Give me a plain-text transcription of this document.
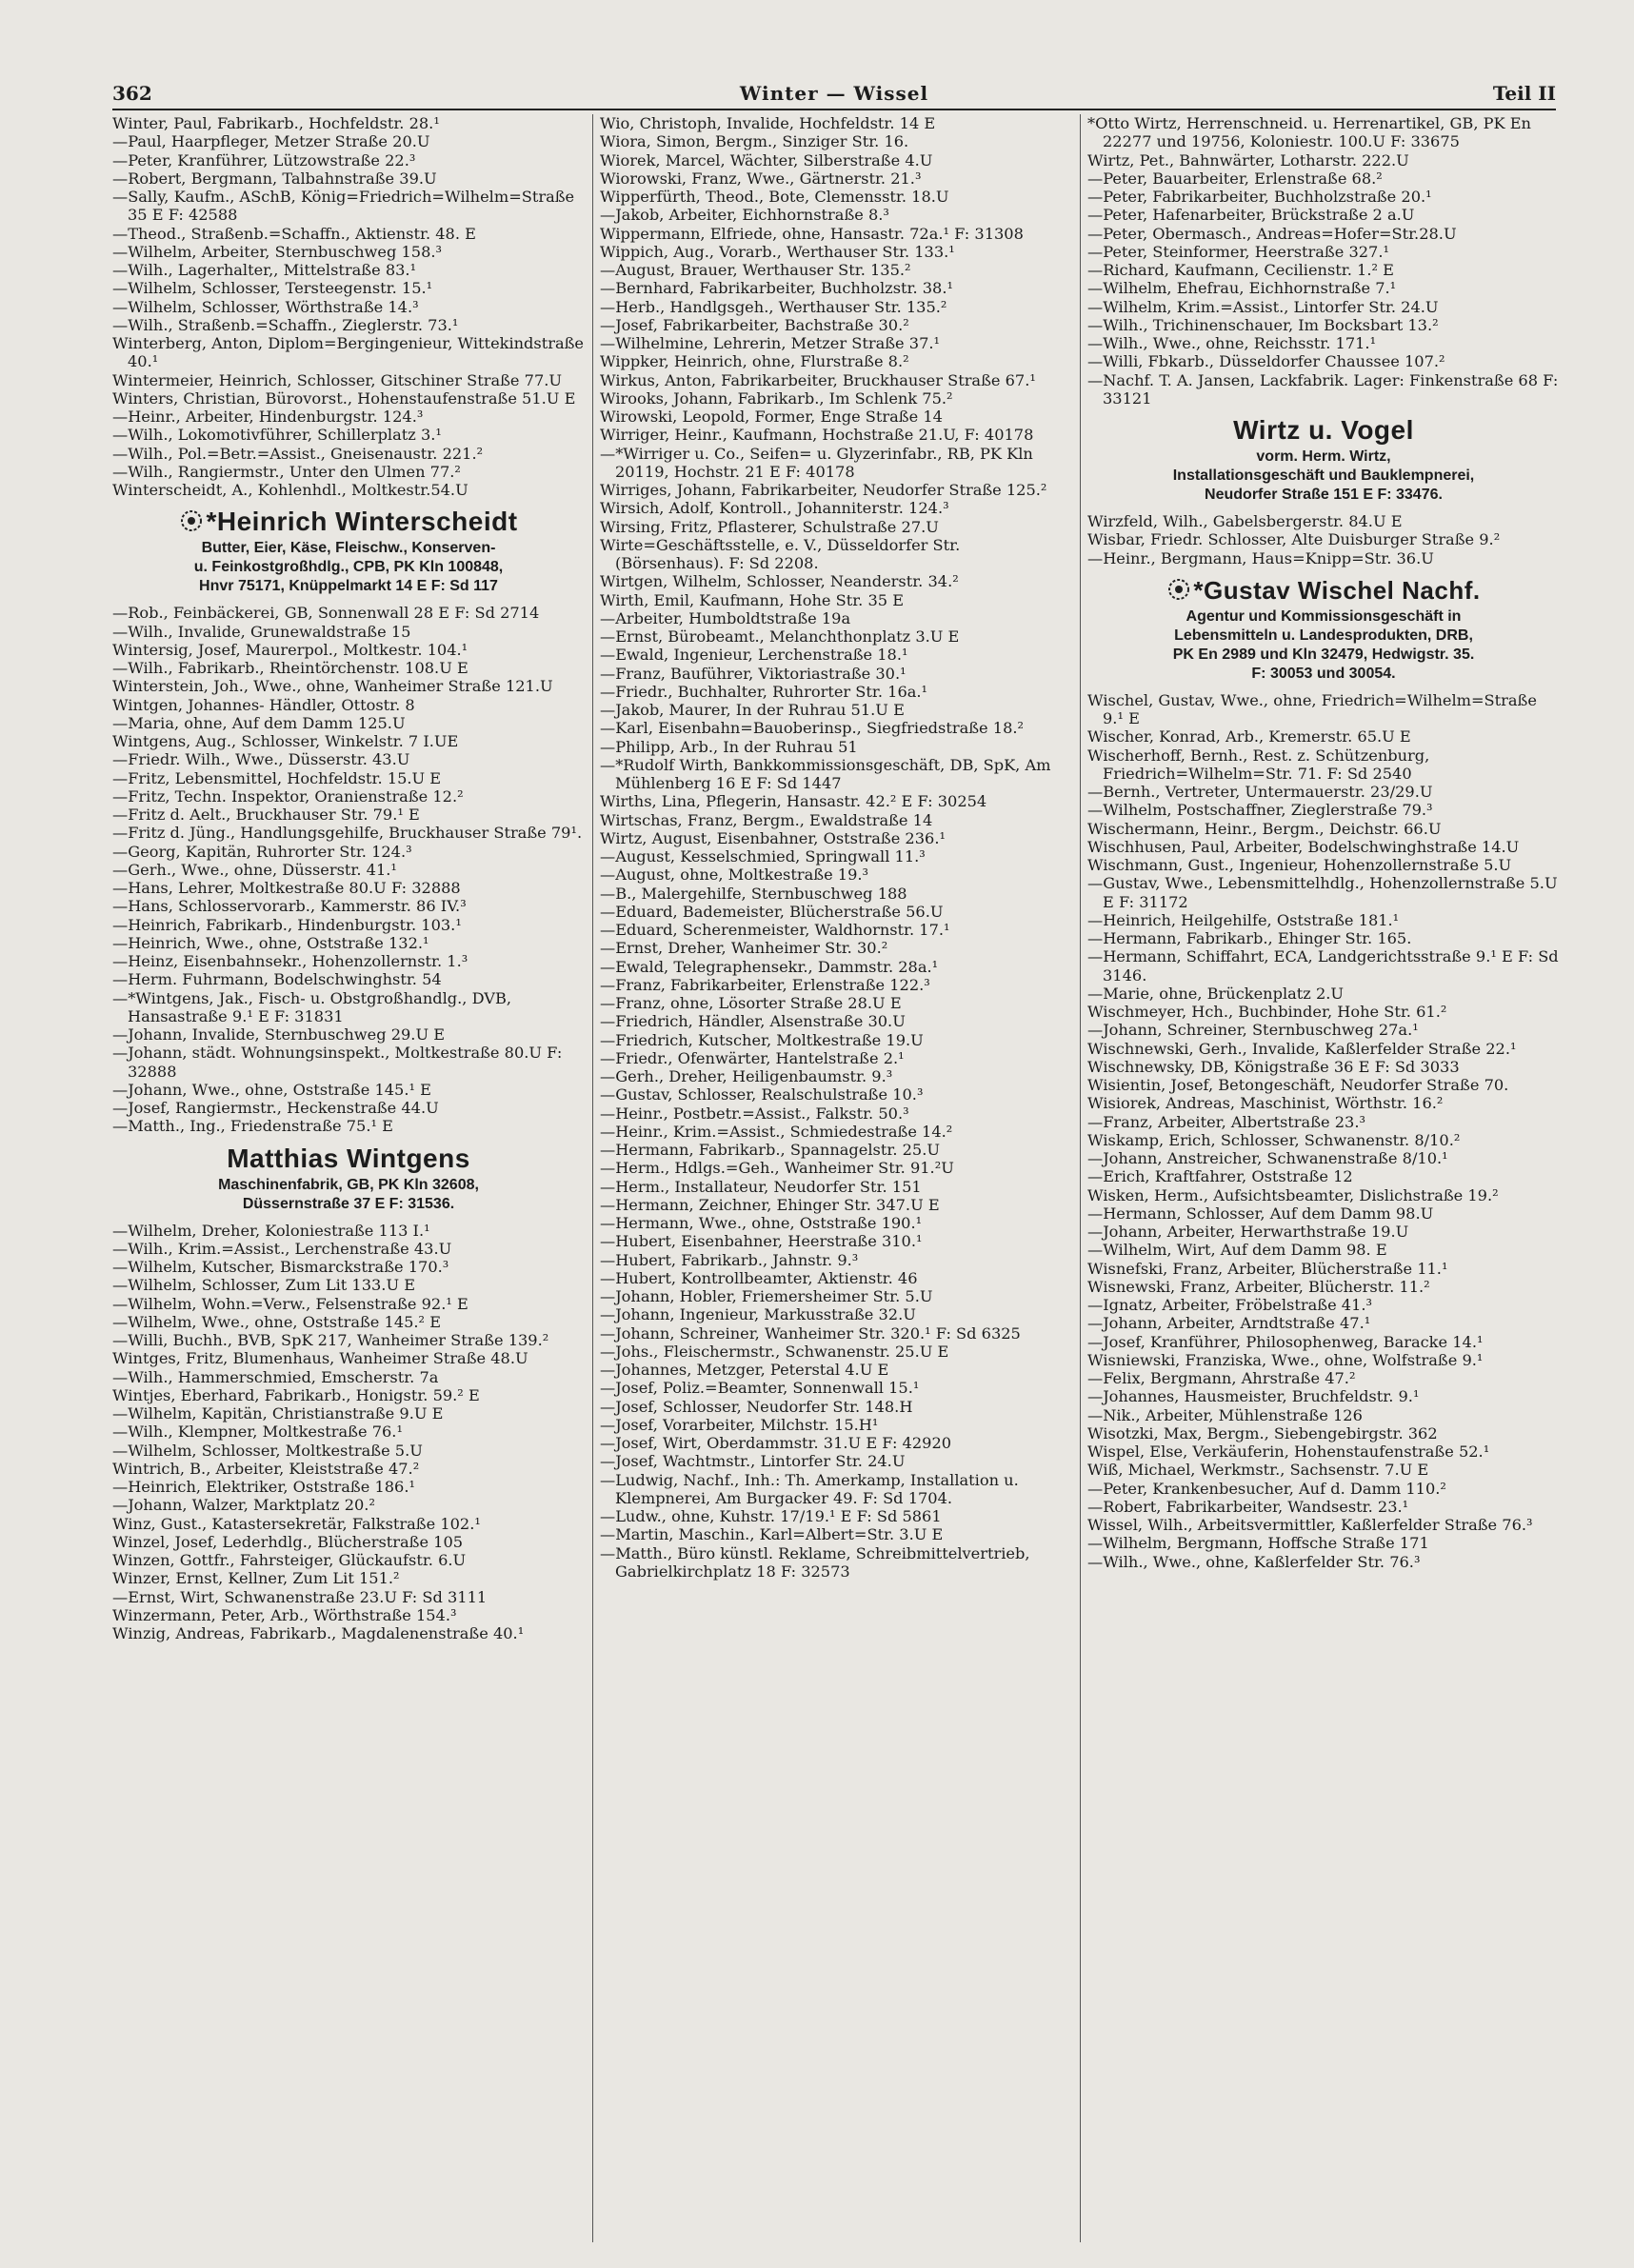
362	Winter — Wissel	Teil II
Winter, Paul, Fabrikarb., Hochfeldstr. 28.¹
—Paul, Haarpfleger, Metzer Straße 20.U
—Peter, Kranführer, Lützowstraße 22.³
—Robert, Bergmann, Talbahnstraße 39.U
—Sally, Kaufm., ASchB, König=Friedrich=Wilhelm=Straße 35 E F: 42588
—Theod., Straßenb.=Schaffn., Aktienstr. 48. E
—Wilhelm, Arbeiter, Sternbuschweg 158.³
—Wilh., Lagerhalter,, Mittelstraße 83.¹
—Wilhelm, Schlosser, Tersteegenstr. 15.¹
—Wilhelm, Schlosser, Wörthstraße 14.³
—Wilh., Straßenb.=Schaffn., Zieglerstr. 73.¹
Winterberg, Anton, Diplom=Bergingenieur, Wittekindstraße 40.¹
Wintermeier, Heinrich, Schlosser, Gitschiner Straße 77.U
Winters, Christian, Bürovorst., Hohenstaufenstraße 51.U E
—Heinr., Arbeiter, Hindenburgstr. 124.³
—Wilh., Lokomotivführer, Schillerplatz 3.¹
—Wilh., Pol.=Betr.=Assist., Gneisenaustr. 221.²
—Wilh., Rangiermstr., Unter den Ulmen 77.²
Winterscheidt, A., Kohlenhdl., Moltkestr.54.U
*Heinrich Winterscheidt
Butter, Eier, Käse, Fleischw., Konserven-
u. Feinkostgroßhdlg., CPB, PK Kln 100848,
Hnvr 75171, Knüppelmarkt 14 E F: Sd 117
—Rob., Feinbäckerei, GB, Sonnenwall 28 E F: Sd 2714
—Wilh., Invalide, Grunewaldstraße 15
Wintersig, Josef, Maurerpol., Moltkestr. 104.¹
—Wilh., Fabrikarb., Rheintörchenstr. 108.U E
Winterstein, Joh., Wwe., ohne, Wanheimer Straße 121.U
Wintgen, Johannes- Händler, Ottostr. 8
—Maria, ohne, Auf dem Damm 125.U
Wintgens, Aug., Schlosser, Winkelstr. 7 I.UE
—Friedr. Wilh., Wwe., Düsserstr. 43.U
—Fritz, Lebensmittel, Hochfeldstr. 15.U E
—Fritz, Techn. Inspektor, Oranienstraße 12.²
—Fritz d. Aelt., Bruckhauser Str. 79.¹ E
—Fritz d. Jüng., Handlungsgehilfe, Bruckhauser Straße 79¹.
—Georg, Kapitän, Ruhrorter Str. 124.³
—Gerh., Wwe., ohne, Düsserstr. 41.¹
—Hans, Lehrer, Moltkestraße 80.U F: 32888
—Hans, Schlosservorarb., Kammerstr. 86 IV.³
—Heinrich, Fabrikarb., Hindenburgstr. 103.¹
—Heinrich, Wwe., ohne, Oststraße 132.¹
—Heinz, Eisenbahnsekr., Hohenzollernstr. 1.³
—Herm. Fuhrmann, Bodelschwinghstr. 54
—*Wintgens, Jak., Fisch- u. Obstgroßhandlg., DVB, Hansastraße 9.¹ E F: 31831
—Johann, Invalide, Sternbuschweg 29.U E
—Johann, städt. Wohnungsinspekt., Moltkestraße 80.U F: 32888
—Johann, Wwe., ohne, Oststraße 145.¹ E
—Josef, Rangiermstr., Heckenstraße 44.U
—Matth., Ing., Friedenstraße 75.¹ E
Matthias Wintgens
Maschinenfabrik, GB, PK Kln 32608,
Düssernstraße 37 E F: 31536.
—Wilhelm, Dreher, Koloniestraße 113 I.¹
—Wilh., Krim.=Assist., Lerchenstraße 43.U
—Wilhelm, Kutscher, Bismarckstraße 170.³
—Wilhelm, Schlosser, Zum Lit 133.U E
—Wilhelm, Wohn.=Verw., Felsenstraße 92.¹ E
—Wilhelm, Wwe., ohne, Oststraße 145.² E
—Willi, Buchh., BVB, SpK 217, Wanheimer Straße 139.²
Wintges, Fritz, Blumenhaus, Wanheimer Straße 48.U
—Wilh., Hammerschmied, Emscherstr. 7a
Wintjes, Eberhard, Fabrikarb., Honigstr. 59.² E
—Wilhelm, Kapitän, Christianstraße 9.U E
—Wilh., Klempner, Moltkestraße 76.¹
—Wilhelm, Schlosser, Moltkestraße 5.U
Wintrich, B., Arbeiter, Kleiststraße 47.²
—Heinrich, Elektriker, Oststraße 186.¹
—Johann, Walzer, Marktplatz 20.²
Winz, Gust., Katastersekretär, Falkstraße 102.¹
Winzel, Josef, Lederhdlg., Blücherstraße 105
Winzen, Gottfr., Fahrsteiger, Glückaufstr. 6.U
Winzer, Ernst, Kellner, Zum Lit 151.²
—Ernst, Wirt, Schwanenstraße 23.U F: Sd 3111
Winzermann, Peter, Arb., Wörthstraße 154.³
Winzig, Andreas, Fabrikarb., Magdalenenstraße 40.¹
Wio, Christoph, Invalide, Hochfeldstr. 14 E
Wiora, Simon, Bergm., Sinziger Str. 16.
Wiorek, Marcel, Wächter, Silberstraße 4.U
Wiorowski, Franz, Wwe., Gärtnerstr. 21.³
Wipperfürth, Theod., Bote, Clemensstr. 18.U
—Jakob, Arbeiter, Eichhornstraße 8.³
Wippermann, Elfriede, ohne, Hansastr. 72a.¹ F: 31308
Wippich, Aug., Vorarb., Werthauser Str. 133.¹
—August, Brauer, Werthauser Str. 135.²
—Bernhard, Fabrikarbeiter, Buchholzstr. 38.¹
—Herb., Handlgsgeh., Werthauser Str. 135.²
—Josef, Fabrikarbeiter, Bachstraße 30.²
—Wilhelmine, Lehrerin, Metzer Straße 37.¹
Wippker, Heinrich, ohne, Flurstraße 8.²
Wirkus, Anton, Fabrikarbeiter, Bruckhauser Straße 67.¹
Wirooks, Johann, Fabrikarb., Im Schlenk 75.²
Wirowski, Leopold, Former, Enge Straße 14
Wirriger, Heinr., Kaufmann, Hochstraße 21.U, F: 40178
—*Wirriger u. Co., Seifen= u. Glyzerinfabr., RB, PK Kln 20119, Hochstr. 21 E F: 40178
Wirriges, Johann, Fabrikarbeiter, Neudorfer Straße 125.²
Wirsich, Adolf, Kontroll., Johanniterstr. 124.³
Wirsing, Fritz, Pflasterer, Schulstraße 27.U
Wirte=Geschäftsstelle, e. V., Düsseldorfer Str. (Börsenhaus). F: Sd 2208.
Wirtgen, Wilhelm, Schlosser, Neanderstr. 34.²
Wirth, Emil, Kaufmann, Hohe Str. 35 E
—Arbeiter, Humboldtstraße 19a
—Ernst, Bürobeamt., Melanchthonplatz 3.U E
—Ewald, Ingenieur, Lerchenstraße 18.¹
—Franz, Bauführer, Viktoriastraße 30.¹
—Friedr., Buchhalter, Ruhrorter Str. 16a.¹
—Jakob, Maurer, In der Ruhrau 51.U E
—Karl, Eisenbahn=Bauoberinsp., Siegfriedstraße 18.²
—Philipp, Arb., In der Ruhrau 51
—*Rudolf Wirth, Bankkommissionsgeschäft, DB, SpK, Am Mühlenberg 16 E F: Sd 1447
Wirths, Lina, Pflegerin, Hansastr. 42.² E F: 30254
Wirtschas, Franz, Bergm., Ewaldstraße 14
Wirtz, August, Eisenbahner, Oststraße 236.¹
—August, Kesselschmied, Springwall 11.³
—August, ohne, Moltkestraße 19.³
—B., Malergehilfe, Sternbuschweg 188
—Eduard, Bademeister, Blücherstraße 56.U
—Eduard, Scherenmeister, Waldhornstr. 17.¹
—Ernst, Dreher, Wanheimer Str. 30.²
—Ewald, Telegraphensekr., Dammstr. 28a.¹
—Franz, Fabrikarbeiter, Erlenstraße 122.³
—Franz, ohne, Lösorter Straße 28.U E
—Friedrich, Händler, Alsenstraße 30.U
—Friedrich, Kutscher, Moltkestraße 19.U
—Friedr., Ofenwärter, Hantelstraße 2.¹
—Gerh., Dreher, Heiligenbaumstr. 9.³
—Gustav, Schlosser, Realschulstraße 10.³
—Heinr., Postbetr.=Assist., Falkstr. 50.³
—Heinr., Krim.=Assist., Schmiedestraße 14.²
—Hermann, Fabrikarb., Spannagelstr. 25.U
—Herm., Hdlgs.=Geh., Wanheimer Str. 91.²U
—Herm., Installateur, Neudorfer Str. 151
—Hermann, Zeichner, Ehinger Str. 347.U E
—Hermann, Wwe., ohne, Oststraße 190.¹
—Hubert, Eisenbahner, Heerstraße 310.¹
—Hubert, Fabrikarb., Jahnstr. 9.³
—Hubert, Kontrollbeamter, Aktienstr. 46
—Johann, Hobler, Friemersheimer Str. 5.U
—Johann, Ingenieur, Markusstraße 32.U
—Johann, Schreiner, Wanheimer Str. 320.¹ F: Sd 6325
—Johs., Fleischermstr., Schwanenstr. 25.U E
—Johannes, Metzger, Peterstal 4.U E
—Josef, Poliz.=Beamter, Sonnenwall 15.¹
—Josef, Schlosser, Neudorfer Str. 148.H
—Josef, Vorarbeiter, Milchstr. 15.H¹
—Josef, Wirt, Oberdammstr. 31.U E F: 42920
—Josef, Wachtmstr., Lintorfer Str. 24.U
—Ludwig, Nachf., Inh.: Th. Amerkamp, Installation u. Klempnerei, Am Burgacker 49. F: Sd 1704.
—Ludw., ohne, Kuhstr. 17/19.¹ E F: Sd 5861
—Martin, Maschin., Karl=Albert=Str. 3.U E
—Matth., Büro künstl. Reklame, Schreibmittelvertrieb, Gabrielkirchplatz 18 F: 32573
*Otto Wirtz, Herrenschneid. u. Herrenartikel, GB, PK En 22277 und 19756, Koloniestr. 100.U F: 33675
Wirtz, Pet., Bahnwärter, Lotharstr. 222.U
—Peter, Bauarbeiter, Erlenstraße 68.²
—Peter, Fabrikarbeiter, Buchholzstraße 20.¹
—Peter, Hafenarbeiter, Brückstraße 2 a.U
—Peter, Obermasch., Andreas=Hofer=Str.28.U
—Peter, Steinformer, Heerstraße 327.¹
—Richard, Kaufmann, Cecilienstr. 1.² E
—Wilhelm, Ehefrau, Eichhornstraße 7.¹
—Wilhelm, Krim.=Assist., Lintorfer Str. 24.U
—Wilh., Trichinenschauer, Im Bocksbart 13.²
—Wilh., Wwe., ohne, Reichsstr. 171.¹
—Willi, Fbkarb., Düsseldorfer Chaussee 107.²
—Nachf. T. A. Jansen, Lackfabrik. Lager: Finkenstraße 68 F: 33121
Wirtz u. Vogel
vorm. Herm. Wirtz,
Installationsgeschäft und Bauklempnerei,
Neudorfer Straße 151 E F: 33476.
Wirzfeld, Wilh., Gabelsbergerstr. 84.U E
Wisbar, Friedr. Schlosser, Alte Duisburger Straße 9.²
—Heinr., Bergmann, Haus=Knipp=Str. 36.U
*Gustav Wischel Nachf.
Agentur und Kommissionsgeschäft in
Lebensmitteln u. Landesprodukten, DRB,
PK En 2989 und Kln 32479, Hedwigstr. 35.
F: 30053 und 30054.
Wischel, Gustav, Wwe., ohne, Friedrich=Wilhelm=Straße 9.¹ E
Wischer, Konrad, Arb., Kremerstr. 65.U E
Wischerhoff, Bernh., Rest. z. Schützenburg, Friedrich=Wilhelm=Str. 71. F: Sd 2540
—Bernh., Vertreter, Untermauerstr. 23/29.U
—Wilhelm, Postschaffner, Zieglerstraße 79.³
Wischermann, Heinr., Bergm., Deichstr. 66.U
Wischhusen, Paul, Arbeiter, Bodelschwinghstraße 14.U
Wischmann, Gust., Ingenieur, Hohenzollernstraße 5.U
—Gustav, Wwe., Lebensmittelhdlg., Hohenzollernstraße 5.U E F: 31172
—Heinrich, Heilgehilfe, Oststraße 181.¹
—Hermann, Fabrikarb., Ehinger Str. 165.
—Hermann, Schiffahrt, ECA, Landgerichtsstraße 9.¹ E F: Sd 3146.
—Marie, ohne, Brückenplatz 2.U
Wischmeyer, Hch., Buchbinder, Hohe Str. 61.²
—Johann, Schreiner, Sternbuschweg 27a.¹
Wischnewski, Gerh., Invalide, Kaßlerfelder Straße 22.¹
Wischnewsky, DB, Königstraße 36 E F: Sd 3033
Wisientin, Josef, Betongeschäft, Neudorfer Straße 70.
Wisiorek, Andreas, Maschinist, Wörthstr. 16.²
—Franz, Arbeiter, Albertstraße 23.³
Wiskamp, Erich, Schlosser, Schwanenstr. 8/10.²
—Johann, Anstreicher, Schwanenstraße 8/10.¹
—Erich, Kraftfahrer, Oststraße 12
Wisken, Herm., Aufsichtsbeamter, Dislichstraße 19.²
—Hermann, Schlosser, Auf dem Damm 98.U
—Johann, Arbeiter, Herwarthstraße 19.U
—Wilhelm, Wirt, Auf dem Damm 98. E
Wisnefski, Franz, Arbeiter, Blücherstraße 11.¹
Wisnewski, Franz, Arbeiter, Blücherstr. 11.²
—Ignatz, Arbeiter, Fröbelstraße 41.³
—Johann, Arbeiter, Arndtstraße 47.¹
—Josef, Kranführer, Philosophenweg, Baracke 14.¹
Wisniewski, Franziska, Wwe., ohne, Wolfstraße 9.¹
—Felix, Bergmann, Ahrstraße 47.²
—Johannes, Hausmeister, Bruchfeldstr. 9.¹
—Nik., Arbeiter, Mühlenstraße 126
Wisotzki, Max, Bergm., Siebengebirgstr. 362
Wispel, Else, Verkäuferin, Hohenstaufenstraße 52.¹
Wiß, Michael, Werkmstr., Sachsenstr. 7.U E
—Peter, Krankenbesucher, Auf d. Damm 110.²
—Robert, Fabrikarbeiter, Wandsestr. 23.¹
Wissel, Wilh., Arbeitsvermittler, Kaßlerfelder Straße 76.³
—Wilhelm, Bergmann, Hoffsche Straße 171
—Wilh., Wwe., ohne, Kaßlerfelder Str. 76.³
